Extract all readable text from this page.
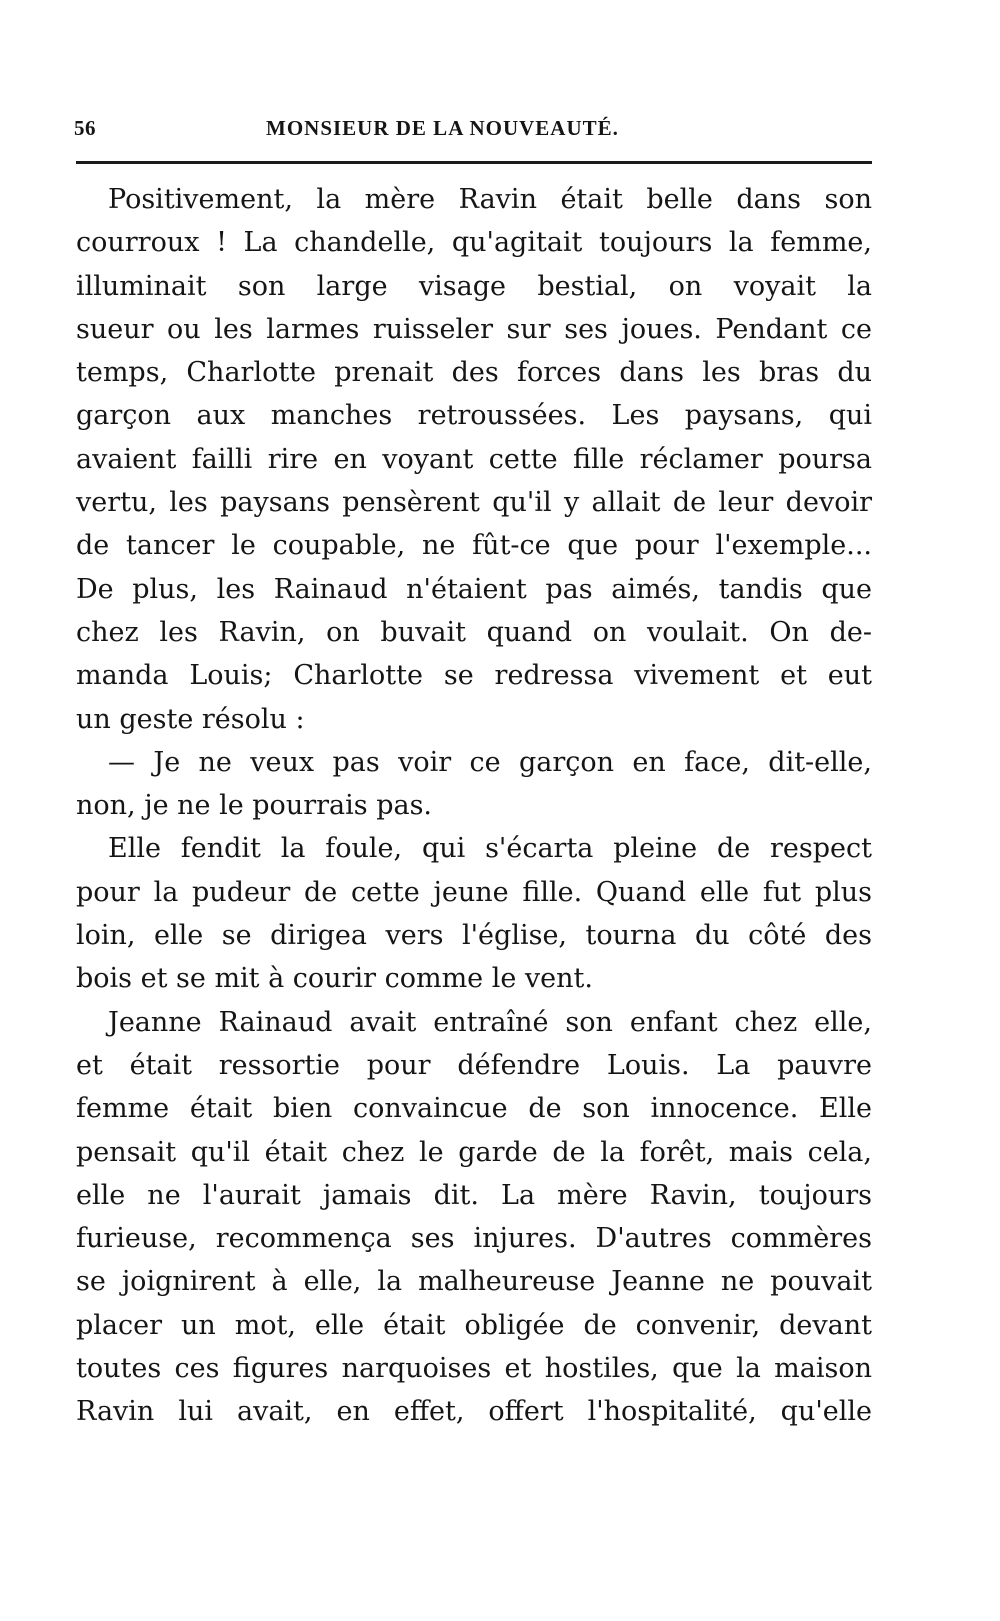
56	MONSIEUR DE LA NOUVEAUTÉ.
Positivement, la mère Ravin était belle dans son
courroux ! La chandelle, qu'agitait toujours la femme,
illuminait son large visage bestial, on voyait la
sueur ou les larmes ruisseler sur ses joues. Pendant ce
temps, Charlotte prenait des forces dans les bras du
garçon aux manches retroussées. Les paysans, qui
avaient failli rire en voyant cette fille réclamer poursa
vertu, les paysans pensèrent qu'il y allait de leur devoir
de tancer le coupable, ne fût-ce que pour l'exemple...
De plus, les Rainaud n'étaient pas aimés, tandis que
chez les Ravin, on buvait quand on voulait. On de-
manda Louis; Charlotte se redressa vivement et eut
un geste résolu :
— Je ne veux pas voir ce garçon en face, dit-elle,
non, je ne le pourrais pas.
Elle fendit la foule, qui s'écarta pleine de respect
pour la pudeur de cette jeune fille. Quand elle fut plus
loin, elle se dirigea vers l'église, tourna du côté des
bois et se mit à courir comme le vent.
Jeanne Rainaud avait entraîné son enfant chez elle,
et était ressortie pour défendre Louis. La pauvre
femme était bien convaincue de son innocence. Elle
pensait qu'il était chez le garde de la forêt, mais cela,
elle ne l'aurait jamais dit. La mère Ravin, toujours
furieuse, recommença ses injures. D'autres commères
se joignirent à elle, la malheureuse Jeanne ne pouvait
placer un mot, elle était obligée de convenir, devant
toutes ces figures narquoises et hostiles, que la maison
Ravin lui avait, en effet, offert l'hospitalité, qu'elle
